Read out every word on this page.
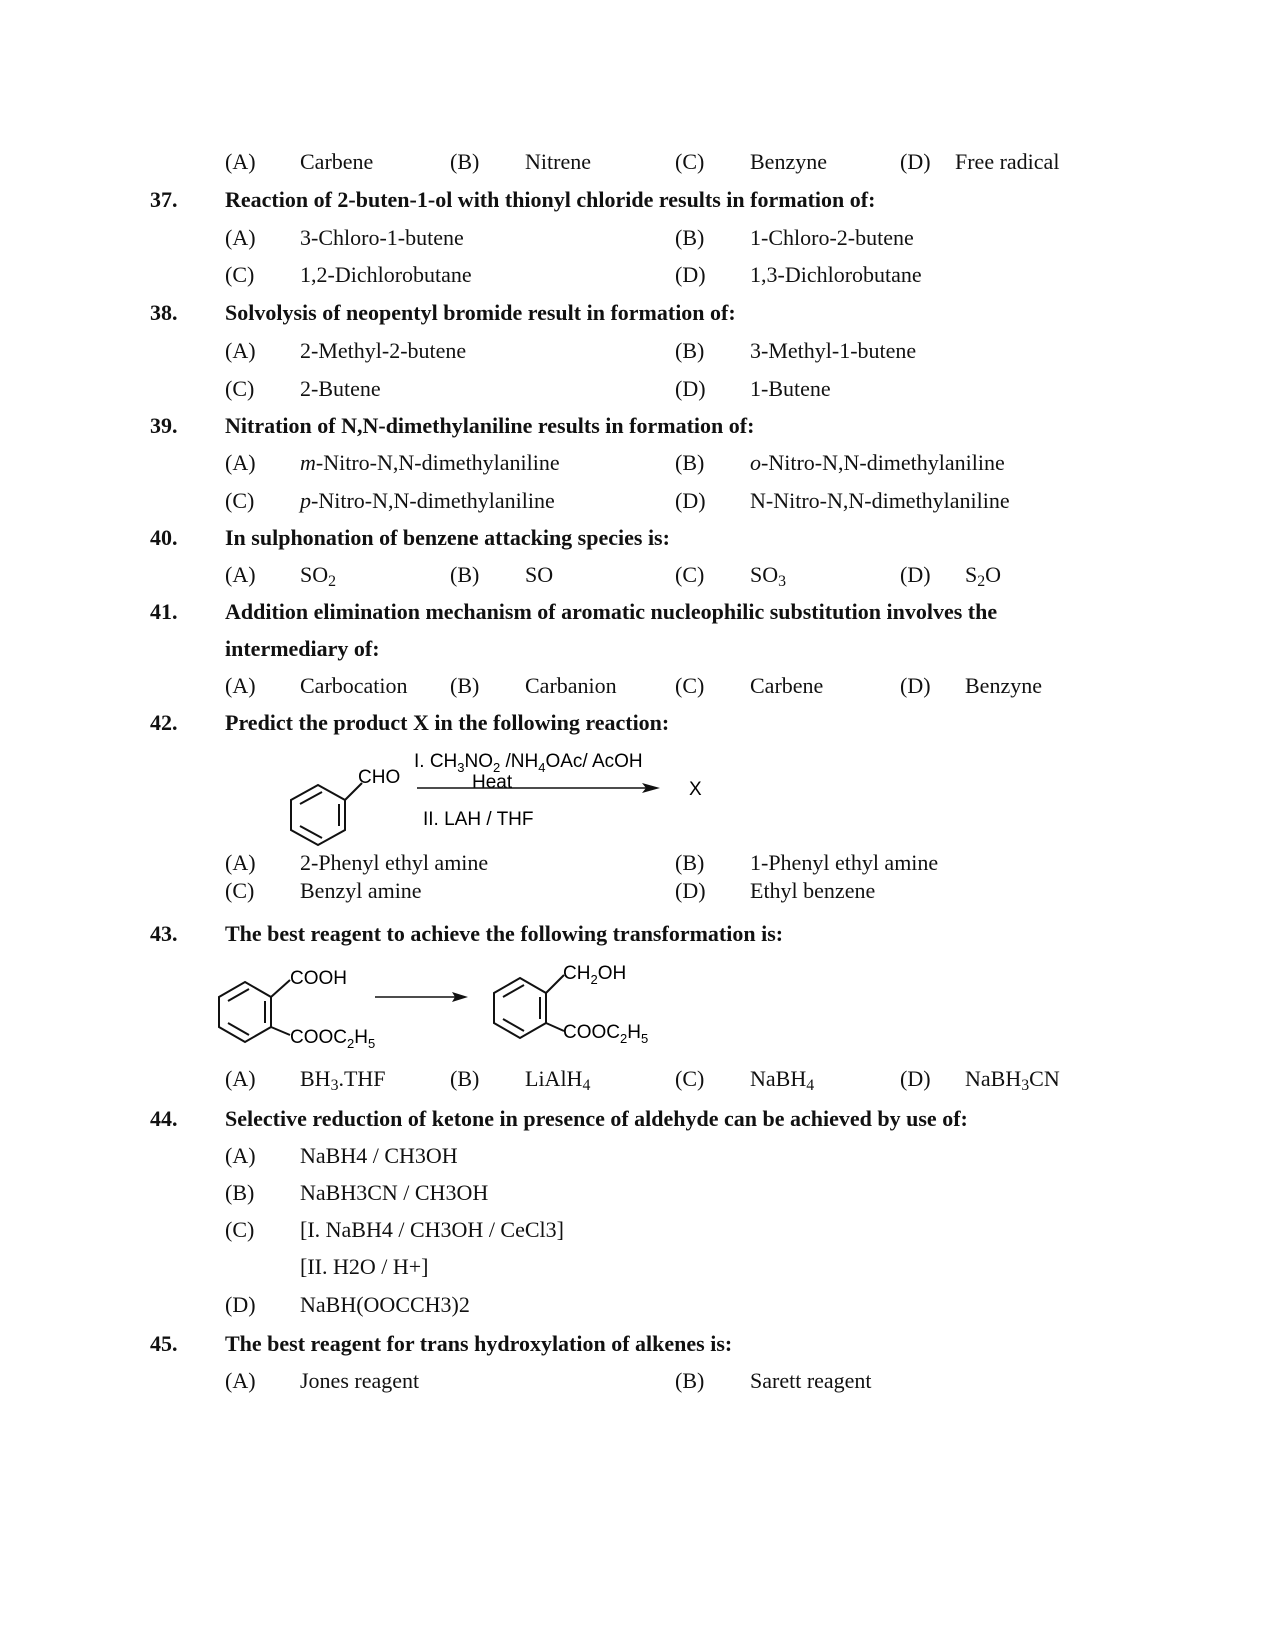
(A) Carbene	(B) Nitrene	(C) Benzyne	(D) Free radical
37. Reaction of 2-buten-1-ol with thionyl chloride results in formation of:
(A) 3-Chloro-1-butene	(B) 1-Chloro-2-butene
(C) 1,2-Dichlorobutane	(D) 1,3-Dichlorobutane
38. Solvolysis of neopentyl bromide result in formation of:
(A) 2-Methyl-2-butene	(B) 3-Methyl-1-butene
(C) 2-Butene	(D) 1-Butene
39. Nitration of N,N-dimethylaniline results in formation of:
(A) m-Nitro-N,N-dimethylaniline	(B) o-Nitro-N,N-dimethylaniline
(C) p-Nitro-N,N-dimethylaniline	(D) N-Nitro-N,N-dimethylaniline
40. In sulphonation of benzene attacking species is:
(A) $SO_2$	(B) SO	(C) $SO_3$	(D) $S_2O$
41. Addition elimination mechanism of aromatic nucleophilic substitution involves the
intermediary of:
(A) Carbocation (B) Carbanion	(C) Carbene	(D) Benzyne
42. Predict the product X in the following reaction:
CHO
I. $CH_3NO_2$ $/NH_4OAc/$ AcOH
Heat
II. LAH / THF
X
(A) 2-Phenyl ethyl amine	(B) 1-Phenyl ethyl amine
(C) Benzyl amine	(D) Ethyl benzene
43. The best reagent to achieve the following transformation is:
COOH
$COOC_2H_5$
$CH_2OH$
$COOC_2H_5$
(A) $BH_3.THF$	(B) LiAlH$_4$	(C) NaBH$_4$	(D) NaBH$_3$CN
44. Selective reduction of ketone in presence of aldehyde can be achieved by use of:
(A) NaBH4 / CH3OH
(B) NaBH3CN / CH3OH
(C) [I. NaBH4 / CH3OH / CeCl3]
[II. H2O / H+]
(D) NaBH(OOCCH3)2
45. The best reagent for trans hydroxylation of alkenes is:
(A) Jones reagent	(B) Sarett reagent
